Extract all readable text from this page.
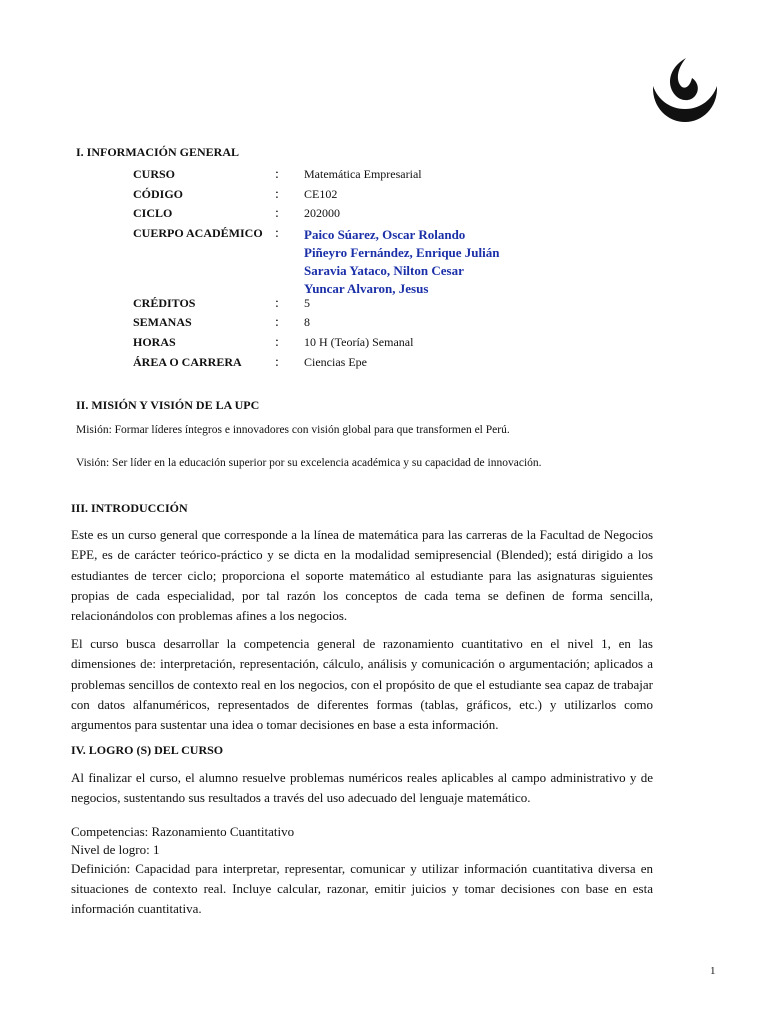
I. INFORMACIÓN GENERAL
CURSO	: Matemática Empresarial
CÓDIGO	: CE102
CICLO	: 202000
CUERPO ACADÉMICO : Paico Súarez, Oscar Rolando
Piñeyro Fernández, Enrique Julián
Saravia Yataco, Nilton Cesar
Yuncar Alvaron, Jesus
CRÉDITOS	: 5
SEMANAS	: 8
HORAS	: 10 H (Teoría) Semanal
ÁREA O CARRERA : Ciencias Epe
II. MISIÓN Y VISIÓN DE LA UPC
Misión: Formar líderes íntegros e innovadores con visión global para que transformen el Perú.
Visión: Ser líder en la educación superior por su excelencia académica y su capacidad de innovación.
III. INTRODUCCIÓN
Este es un curso general que corresponde a la línea de matemática para las carreras de la Facultad de Negocios EPE, es de carácter teórico-práctico y se dicta en la modalidad semipresencial (Blended); está dirigido a los estudiantes de tercer ciclo; proporciona el soporte matemático al estudiante para las asignaturas siguientes propias de cada especialidad, por tal razón los conceptos de cada tema se definen de forma sencilla, relacionándolos con problemas afines a los negocios.
El curso busca desarrollar la competencia general de razonamiento cuantitativo en el nivel 1, en las dimensiones de: interpretación, representación, cálculo, análisis y comunicación o argumentación; aplicados a problemas sencillos de contexto real en los negocios, con el propósito de que el estudiante sea capaz de trabajar con datos alfanuméricos, representados de diferentes formas (tablas, gráficos, etc.) y utilizarlos como argumentos para sustentar una idea o tomar decisiones en base a esta información.
IV. LOGRO (S) DEL CURSO
Al finalizar el curso, el alumno resuelve problemas numéricos reales aplicables al campo administrativo y de negocios, sustentando sus resultados a través del uso adecuado del lenguaje matemático.
Competencias: Razonamiento Cuantitativo
Nivel de logro: 1
Definición: Capacidad para interpretar, representar, comunicar y utilizar información cuantitativa diversa en situaciones de contexto real. Incluye calcular, razonar, emitir juicios y tomar decisiones con base en esta información cuantitativa.
1
